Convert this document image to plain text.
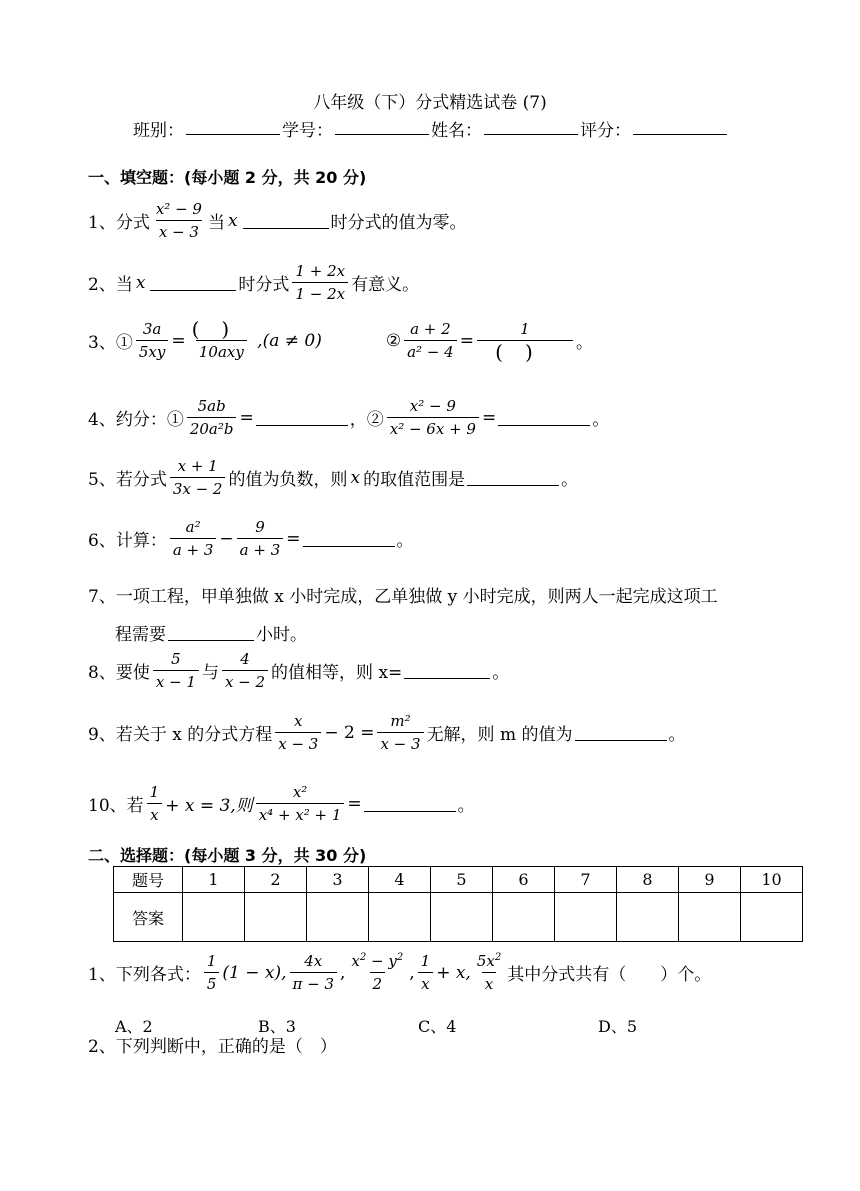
八年级（下）分式精选试卷 (7)
班别：	学号：	姓名：	评分：
一、填空题：(每小题 2 分，共 20 分)
1、分式 $\frac{\text{x² − 9}}{x - 3}$ 当 x	时分式的值为零。
2、当 x	时分式 $\frac{1 + 2x}{1 - 2x}$ 有意义。
3、① $\frac{3a}{5xy} = \frac{()}{\text{10axy}} ,(a \ne 0)$	② $\frac{a + 2}{\text{a² − 4}} = \frac{1}{()}$ 。
4、约分：① $\frac{5ab}{\text{20a²b}}$ =	，② $\frac{\text{x² − 9}}{\text{x² − 6x + 9}}$ =	。
5、若分式 $\frac{x + 1}{3x - 2}$ 的值为负数，则 x 的取值范围是	。
6、计算： $\frac{\text{a²}}{a + 3} - \frac{9}{a + 3}$ =	。
7、一项工程，甲单独做 x 小时完成，乙单独做 y 小时完成，则两人一起完成这项工
程需要	小时。
8、要使 $\frac{5}{x - 1}$ 与 $\frac{4}{x - 2}$ 的值相等，则 x=	。
9、若关于 x 的分式方程 $\frac{x}{x - 3} - 2 = \frac{\text{m²}}{x - 3}$ 无解，则 m 的值为	。
10、若 $\frac{1}{x} + x = 3$,则 $\frac{\text{x²}}{\text{x⁴ + x² + 1}}$ =	。
二、选择题：(每小题 3 分，共 30 分)
题号	1	2	3	4	5	6	7	8	9	10
答案										
1、下列各式： $\frac{1}{5} (1 - x)$, $\frac{4x}{\pi - 3}$ , $\frac{x^2 - y^2}{2}$ , $\frac{1}{x} + x$, $\frac{5x^2}{x}$ 其中分式共有（　　）个。
A、2	B、3	C、4	D、5
2、下列判断中，正确的是（　）
